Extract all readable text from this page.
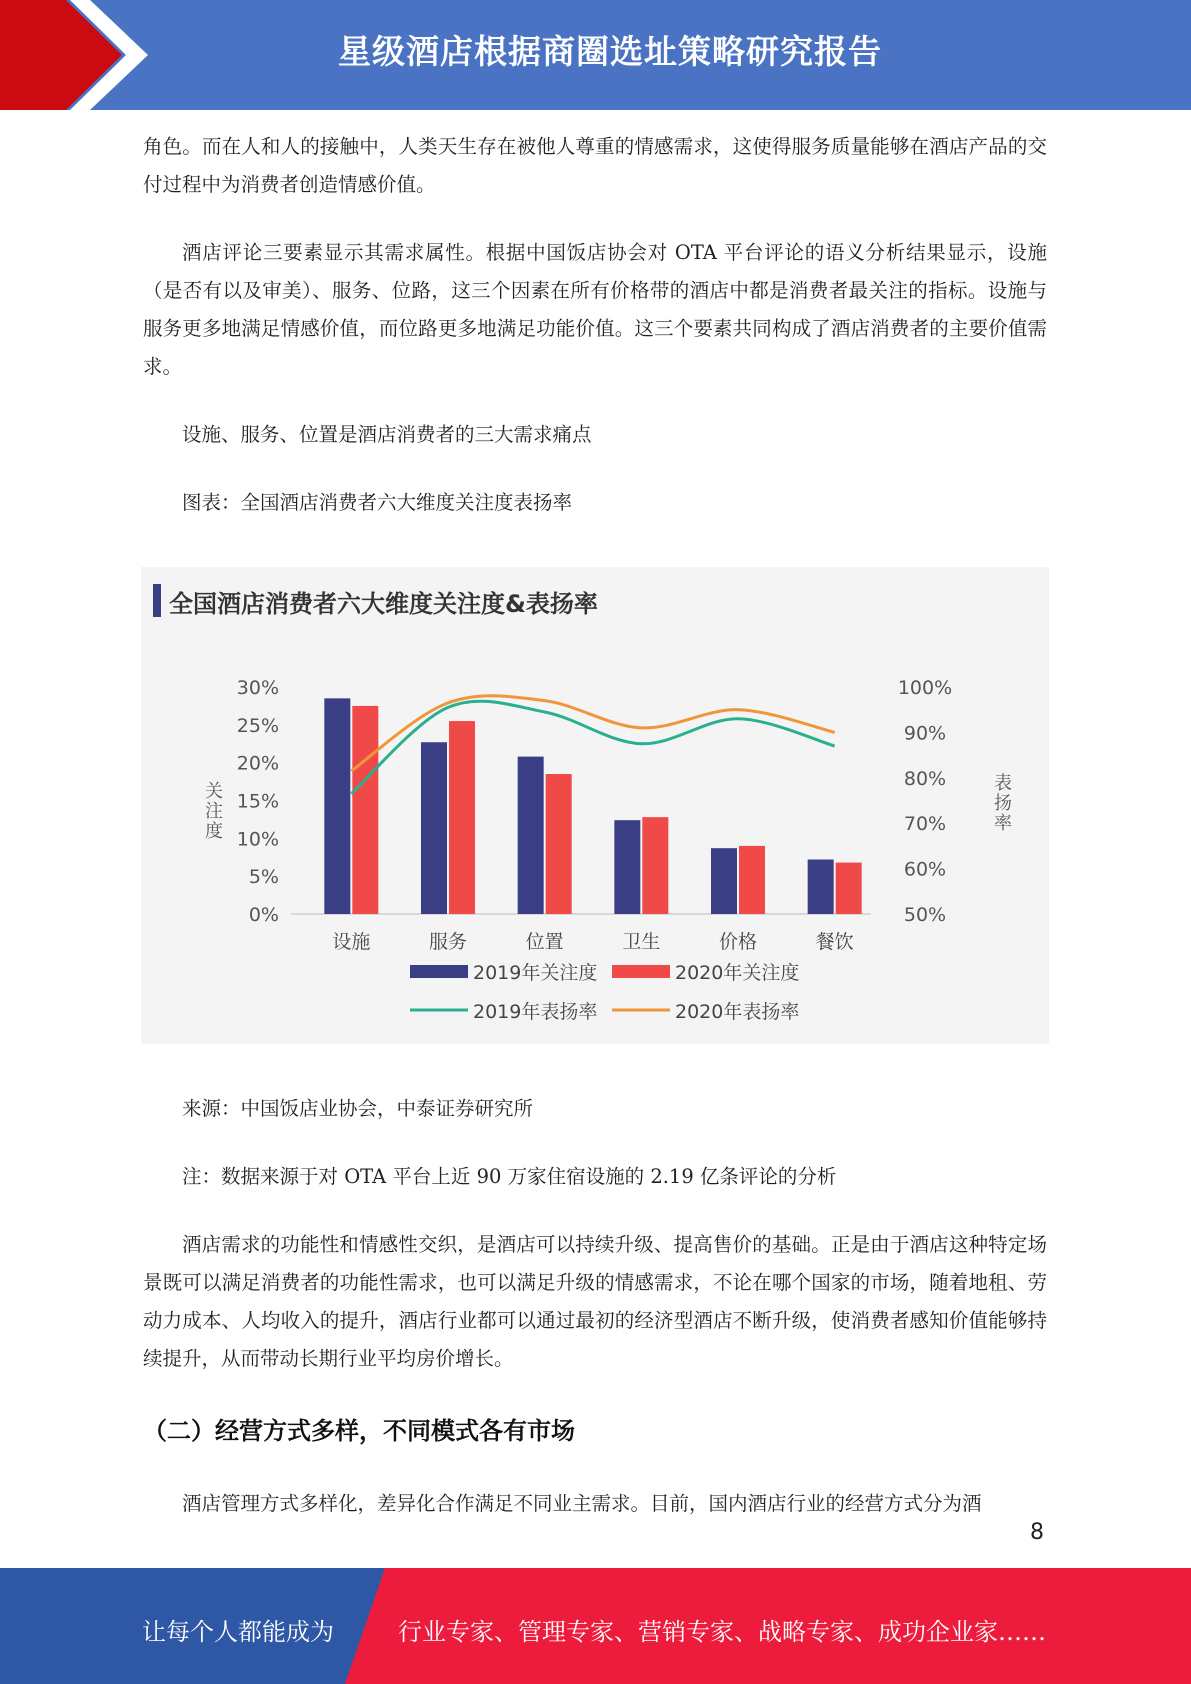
星级酒店根据商圈选址策略研究报告

角色。而在人和人的接触中，人类天生存在被他人尊重的情感需求，这使得服务质量能够在酒店产品的交付过程中为消费者创造情感价值。

酒店评论三要素显示其需求属性。根据中国饭店协会对 OTA 平台评论的语义分析结果显示，设施（是否有以及审美）、服务、位路，这三个因素在所有价格带的酒店中都是消费者最关注的指标。设施与服务更多地满足情感价值，而位路更多地满足功能价值。这三个要素共同构成了酒店消费者的主要价值需求。

设施、服务、位置是酒店消费者的三大需求痛点

图表：全国酒店消费者六大维度关注度表扬率

全国酒店消费者六大维度关注度&表扬率
0%
5%
10%
15%
20%
25%
30%
50%
60%
70%
80%
90%
100%
关
注
度
表
扬
率
设施	服务	位置	卫生	价格	餐饮
2019年关注度	2020年关注度
2019年表扬率	2020年表扬率

来源：中国饭店业协会，中泰证券研究所

注：数据来源于对 OTA 平台上近 90 万家住宿设施的 2.19 亿条评论的分析

酒店需求的功能性和情感性交织，是酒店可以持续升级、提高售价的基础。正是由于酒店这种特定场景既可以满足消费者的功能性需求，也可以满足升级的情感需求，不论在哪个国家的市场，随着地租、劳动力成本、人均收入的提升，酒店行业都可以通过最初的经济型酒店不断升级，使消费者感知价值能够持续提升，从而带动长期行业平均房价增长。

（二）经营方式多样，不同模式各有市场

酒店管理方式多样化，差异化合作满足不同业主需求。目前，国内酒店行业的经营方式分为酒

8
让每个人都能成为	行业专家、管理专家、营销专家、战略专家、成功企业家……
